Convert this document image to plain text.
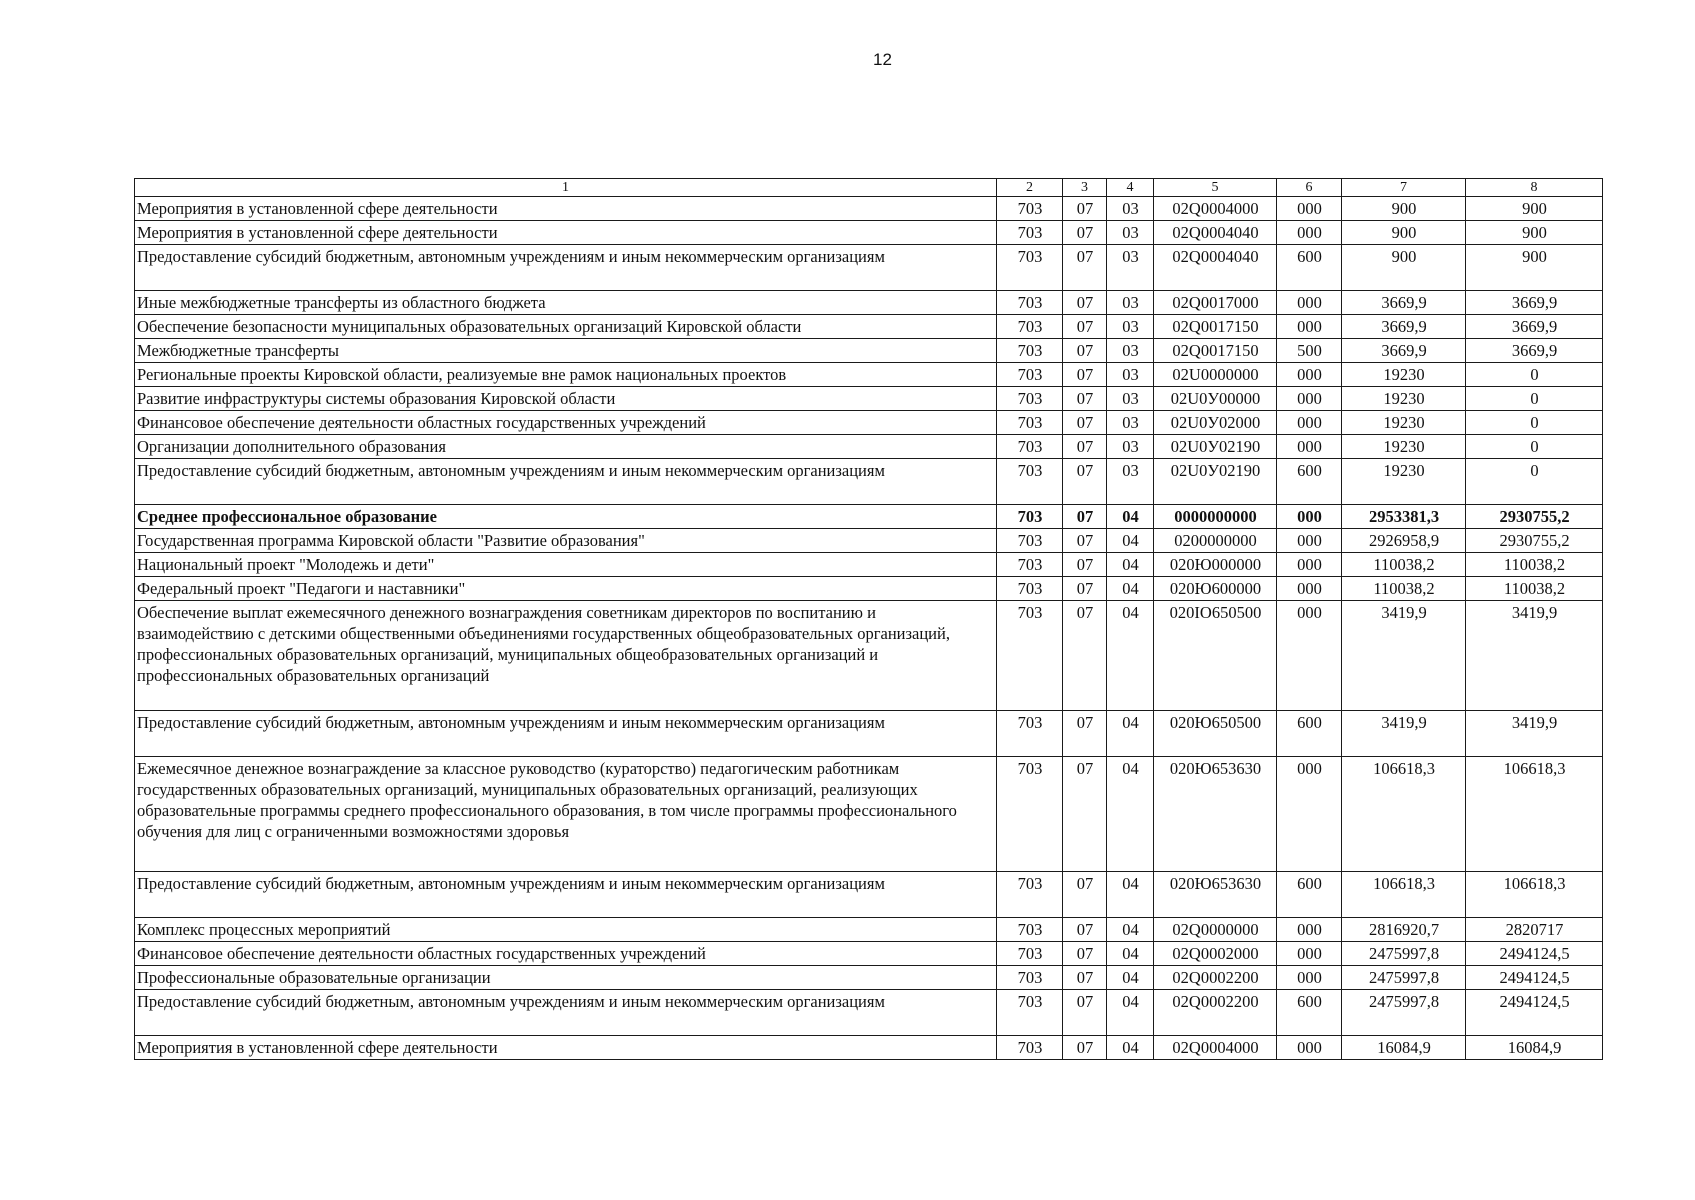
12
1	2	3	4	5	6	7	8
Мероприятия в установленной сфере деятельности	703	07	03	02Q0004000	000	900	900
Мероприятия в установленной сфере деятельности	703	07	03	02Q0004040	000	900	900
Предоставление субсидий бюджетным, автономным учреждениям и иным некоммерческим организациям	703	07	03	02Q0004040	600	900	900
Иные межбюджетные трансферты из областного бюджета	703	07	03	02Q0017000	000	3669,9	3669,9
Обеспечение безопасности муниципальных образовательных организаций Кировской области	703	07	03	02Q0017150	000	3669,9	3669,9
Межбюджетные трансферты	703	07	03	02Q0017150	500	3669,9	3669,9
Региональные проекты Кировской области, реализуемые вне рамок национальных проектов	703	07	03	02U0000000	000	19230	0
Развитие инфраструктуры системы образования Кировской области	703	07	03	02U0У00000	000	19230	0
Финансовое обеспечение деятельности областных государственных учреждений	703	07	03	02U0У02000	000	19230	0
Организации дополнительного образования	703	07	03	02U0У02190	000	19230	0
Предоставление субсидий бюджетным, автономным учреждениям и иным некоммерческим организациям	703	07	03	02U0У02190	600	19230	0
Среднее профессиональное образование	703	07	04	0000000000	000	2953381,3	2930755,2
Государственная программа Кировской области "Развитие образования"	703	07	04	0200000000	000	2926958,9	2930755,2
Национальный проект "Молодежь и дети"	703	07	04	020Ю000000	000	110038,2	110038,2
Федеральный проект "Педагоги и наставники"	703	07	04	020Ю600000	000	110038,2	110038,2
Обеспечение выплат ежемесячного денежного вознаграждения советникам директоров по воспитанию и взаимодействию с детскими общественными объединениями государственных общеобразовательных организаций, профессиональных образовательных организаций, муниципальных общеобразовательных организаций и профессиональных образовательных организаций	703	07	04	020IO650500	000	3419,9	3419,9
Предоставление субсидий бюджетным, автономным учреждениям и иным некоммерческим организациям	703	07	04	020Ю650500	600	3419,9	3419,9
Ежемесячное денежное вознаграждение за классное руководство (кураторство) педагогическим работникам государственных образовательных организаций, муниципальных образовательных организаций, реализующих образовательные программы среднего профессионального образования, в том числе программы профессионального обучения для лиц с ограниченными возможностями здоровья	703	07	04	020Ю653630	000	106618,3	106618,3
Предоставление субсидий бюджетным, автономным учреждениям и иным некоммерческим организациям	703	07	04	020Ю653630	600	106618,3	106618,3
Комплекс процессных мероприятий	703	07	04	02Q0000000	000	2816920,7	2820717
Финансовое обеспечение деятельности областных государственных учреждений	703	07	04	02Q0002000	000	2475997,8	2494124,5
Профессиональные образовательные организации	703	07	04	02Q0002200	000	2475997,8	2494124,5
Предоставление субсидий бюджетным, автономным учреждениям и иным некоммерческим организациям	703	07	04	02Q0002200	600	2475997,8	2494124,5
Мероприятия в установленной сфере деятельности	703	07	04	02Q0004000	000	16084,9	16084,9
